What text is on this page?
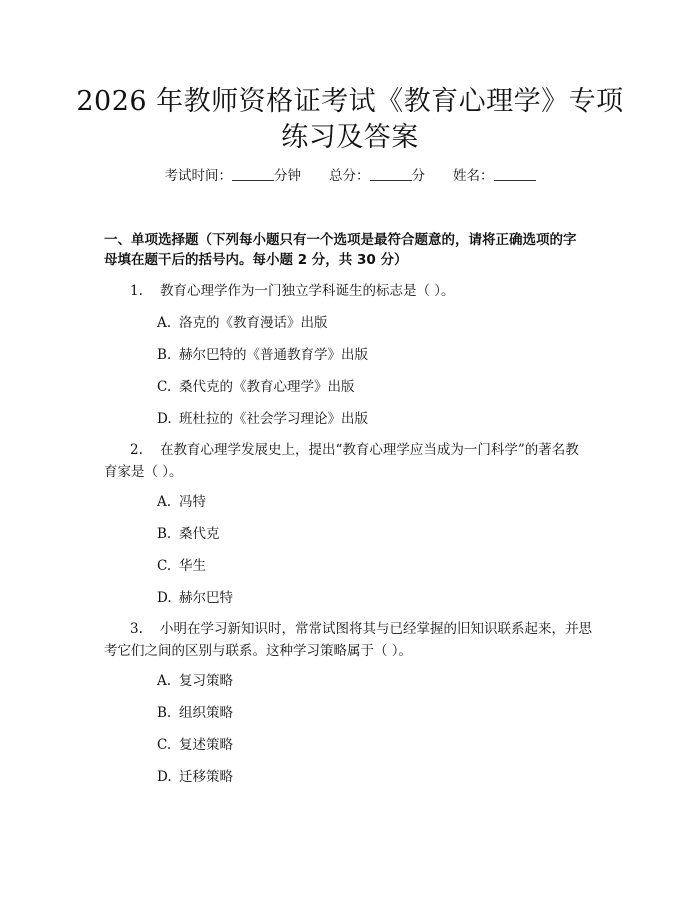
2026 年教师资格证考试《教育心理学》专项
练习及答案
考试时间：	分钟 总分：	分 姓名：
一、单项选择题（下列每小题只有一个选项是最符合题意的，请将正确选项的字
母填在题干后的括号内。每小题 2 分，共 30 分）
1. 教育心理学作为一门独立学科诞生的标志是（ ）。
A. 洛克的《教育漫话》出版
B. 赫尔巴特的《普通教育学》出版
C. 桑代克的《教育心理学》出版
D. 班杜拉的《社会学习理论》出版
2. 在教育心理学发展史上，提出“教育心理学应当成为一门科学”的著名教
育家是（ ）。
A. 冯特
B. 桑代克
C. 华生
D. 赫尔巴特
3. 小明在学习新知识时，常常试图将其与已经掌握的旧知识联系起来，并思
考它们之间的区别与联系。这种学习策略属于（ ）。
A. 复习策略
B. 组织策略
C. 复述策略
D. 迁移策略
